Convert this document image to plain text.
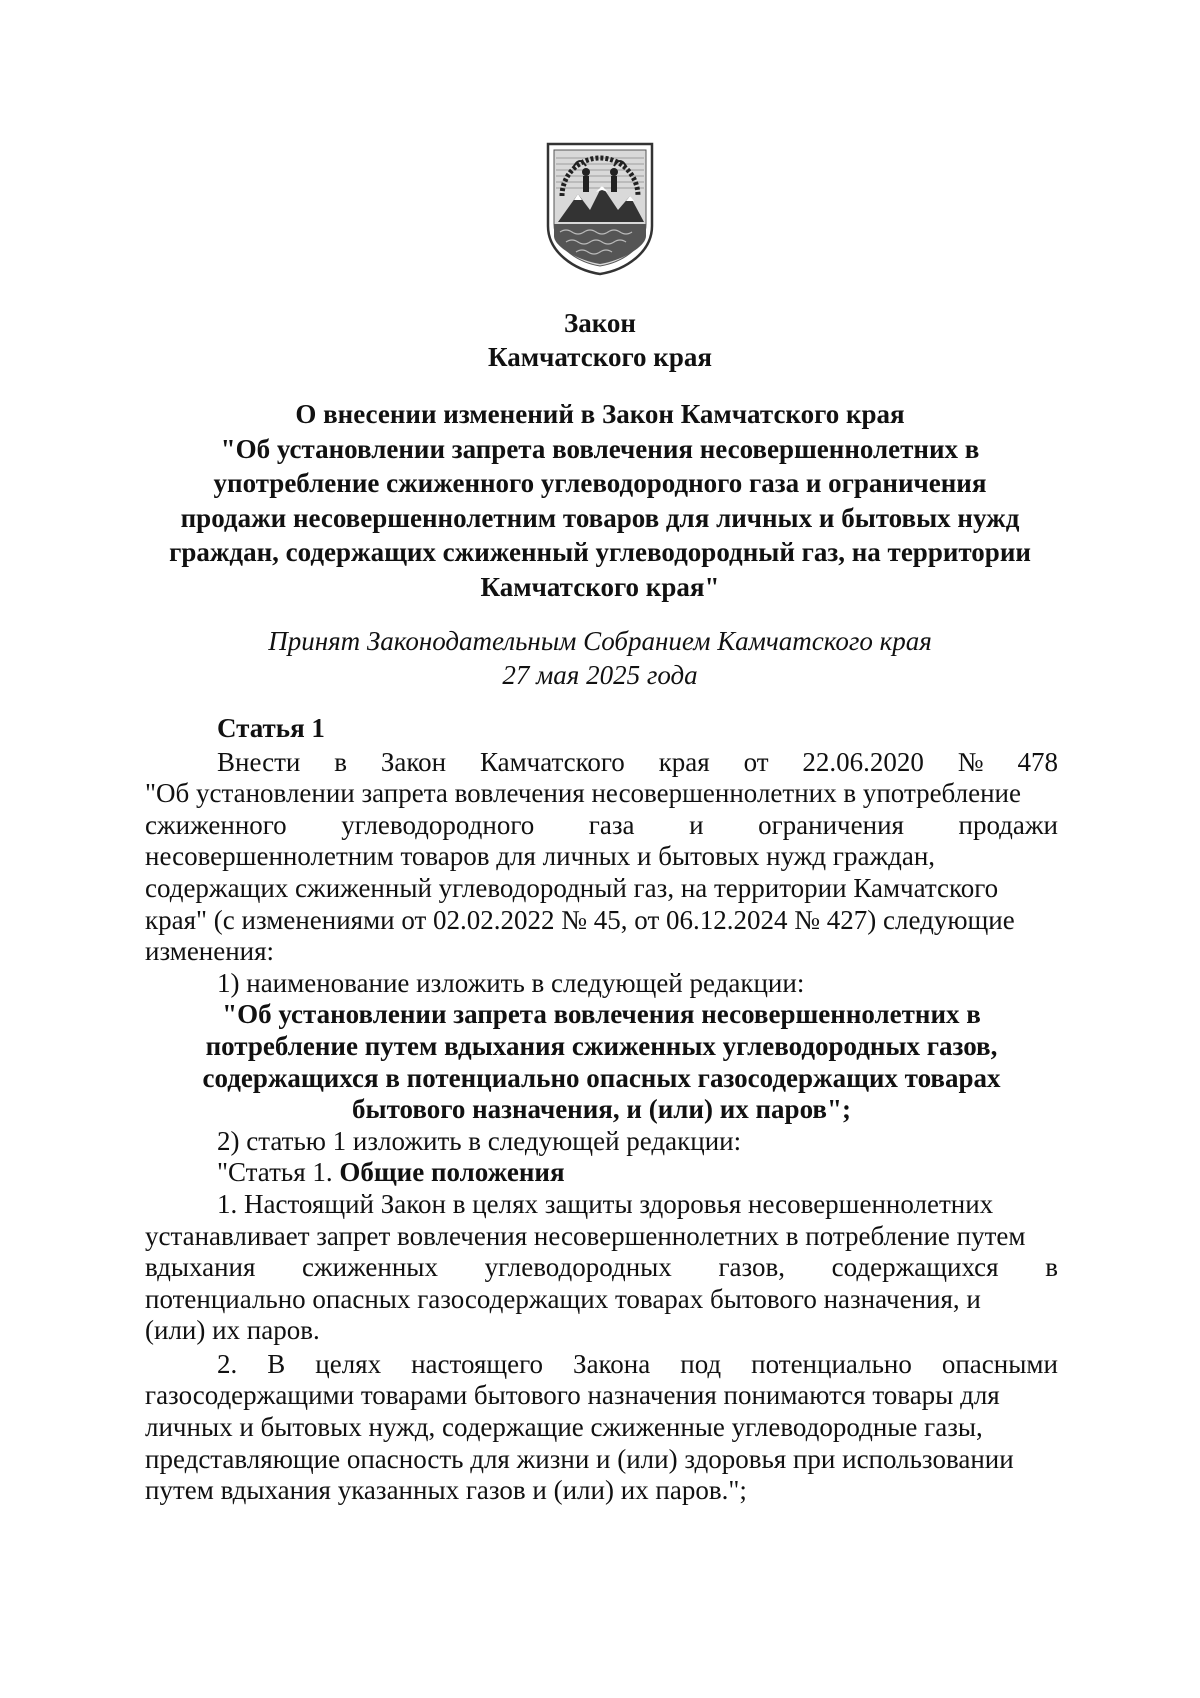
Закон
Камчатского края
О внесении изменений в Закон Камчатского края
"Об установлении запрета вовлечения несовершеннолетних в
употребление сжиженного углеводородного газа и ограничения
продажи несовершеннолетним товаров для личных и бытовых нужд
граждан, содержащих сжиженный углеводородный газ, на территории
Камчатского края"
Принят Законодательным Собранием Камчатского края
27 мая 2025 года
Статья 1
Внести в Закон Камчатского края от 22.06.2020 № 478
"Об установлении запрета вовлечения несовершеннолетних в употребление
сжиженного углеводородного газа и ограничения продажи
несовершеннолетним товаров для личных и бытовых нужд граждан,
содержащих сжиженный углеводородный газ, на территории Камчатского
края" (с изменениями от 02.02.2022 № 45, от 06.12.2024 № 427) следующие
изменения:
1) наименование изложить в следующей редакции:
"Об установлении запрета вовлечения несовершеннолетних в
потребление путем вдыхания сжиженных углеводородных газов,
содержащихся в потенциально опасных газосодержащих товарах
бытового назначения, и (или) их паров";
2) статью 1 изложить в следующей редакции:
"Статья 1. Общие положения
1. Настоящий Закон в целях защиты здоровья несовершеннолетних
устанавливает запрет вовлечения несовершеннолетних в потребление путем
вдыхания сжиженных углеводородных газов, содержащихся в
потенциально опасных газосодержащих товарах бытового назначения, и
(или) их паров.
2. В целях настоящего Закона под потенциально опасными
газосодержащими товарами бытового назначения понимаются товары для
личных и бытовых нужд, содержащие сжиженные углеводородные газы,
представляющие опасность для жизни и (или) здоровья при использовании
путем вдыхания указанных газов и (или) их паров.";
